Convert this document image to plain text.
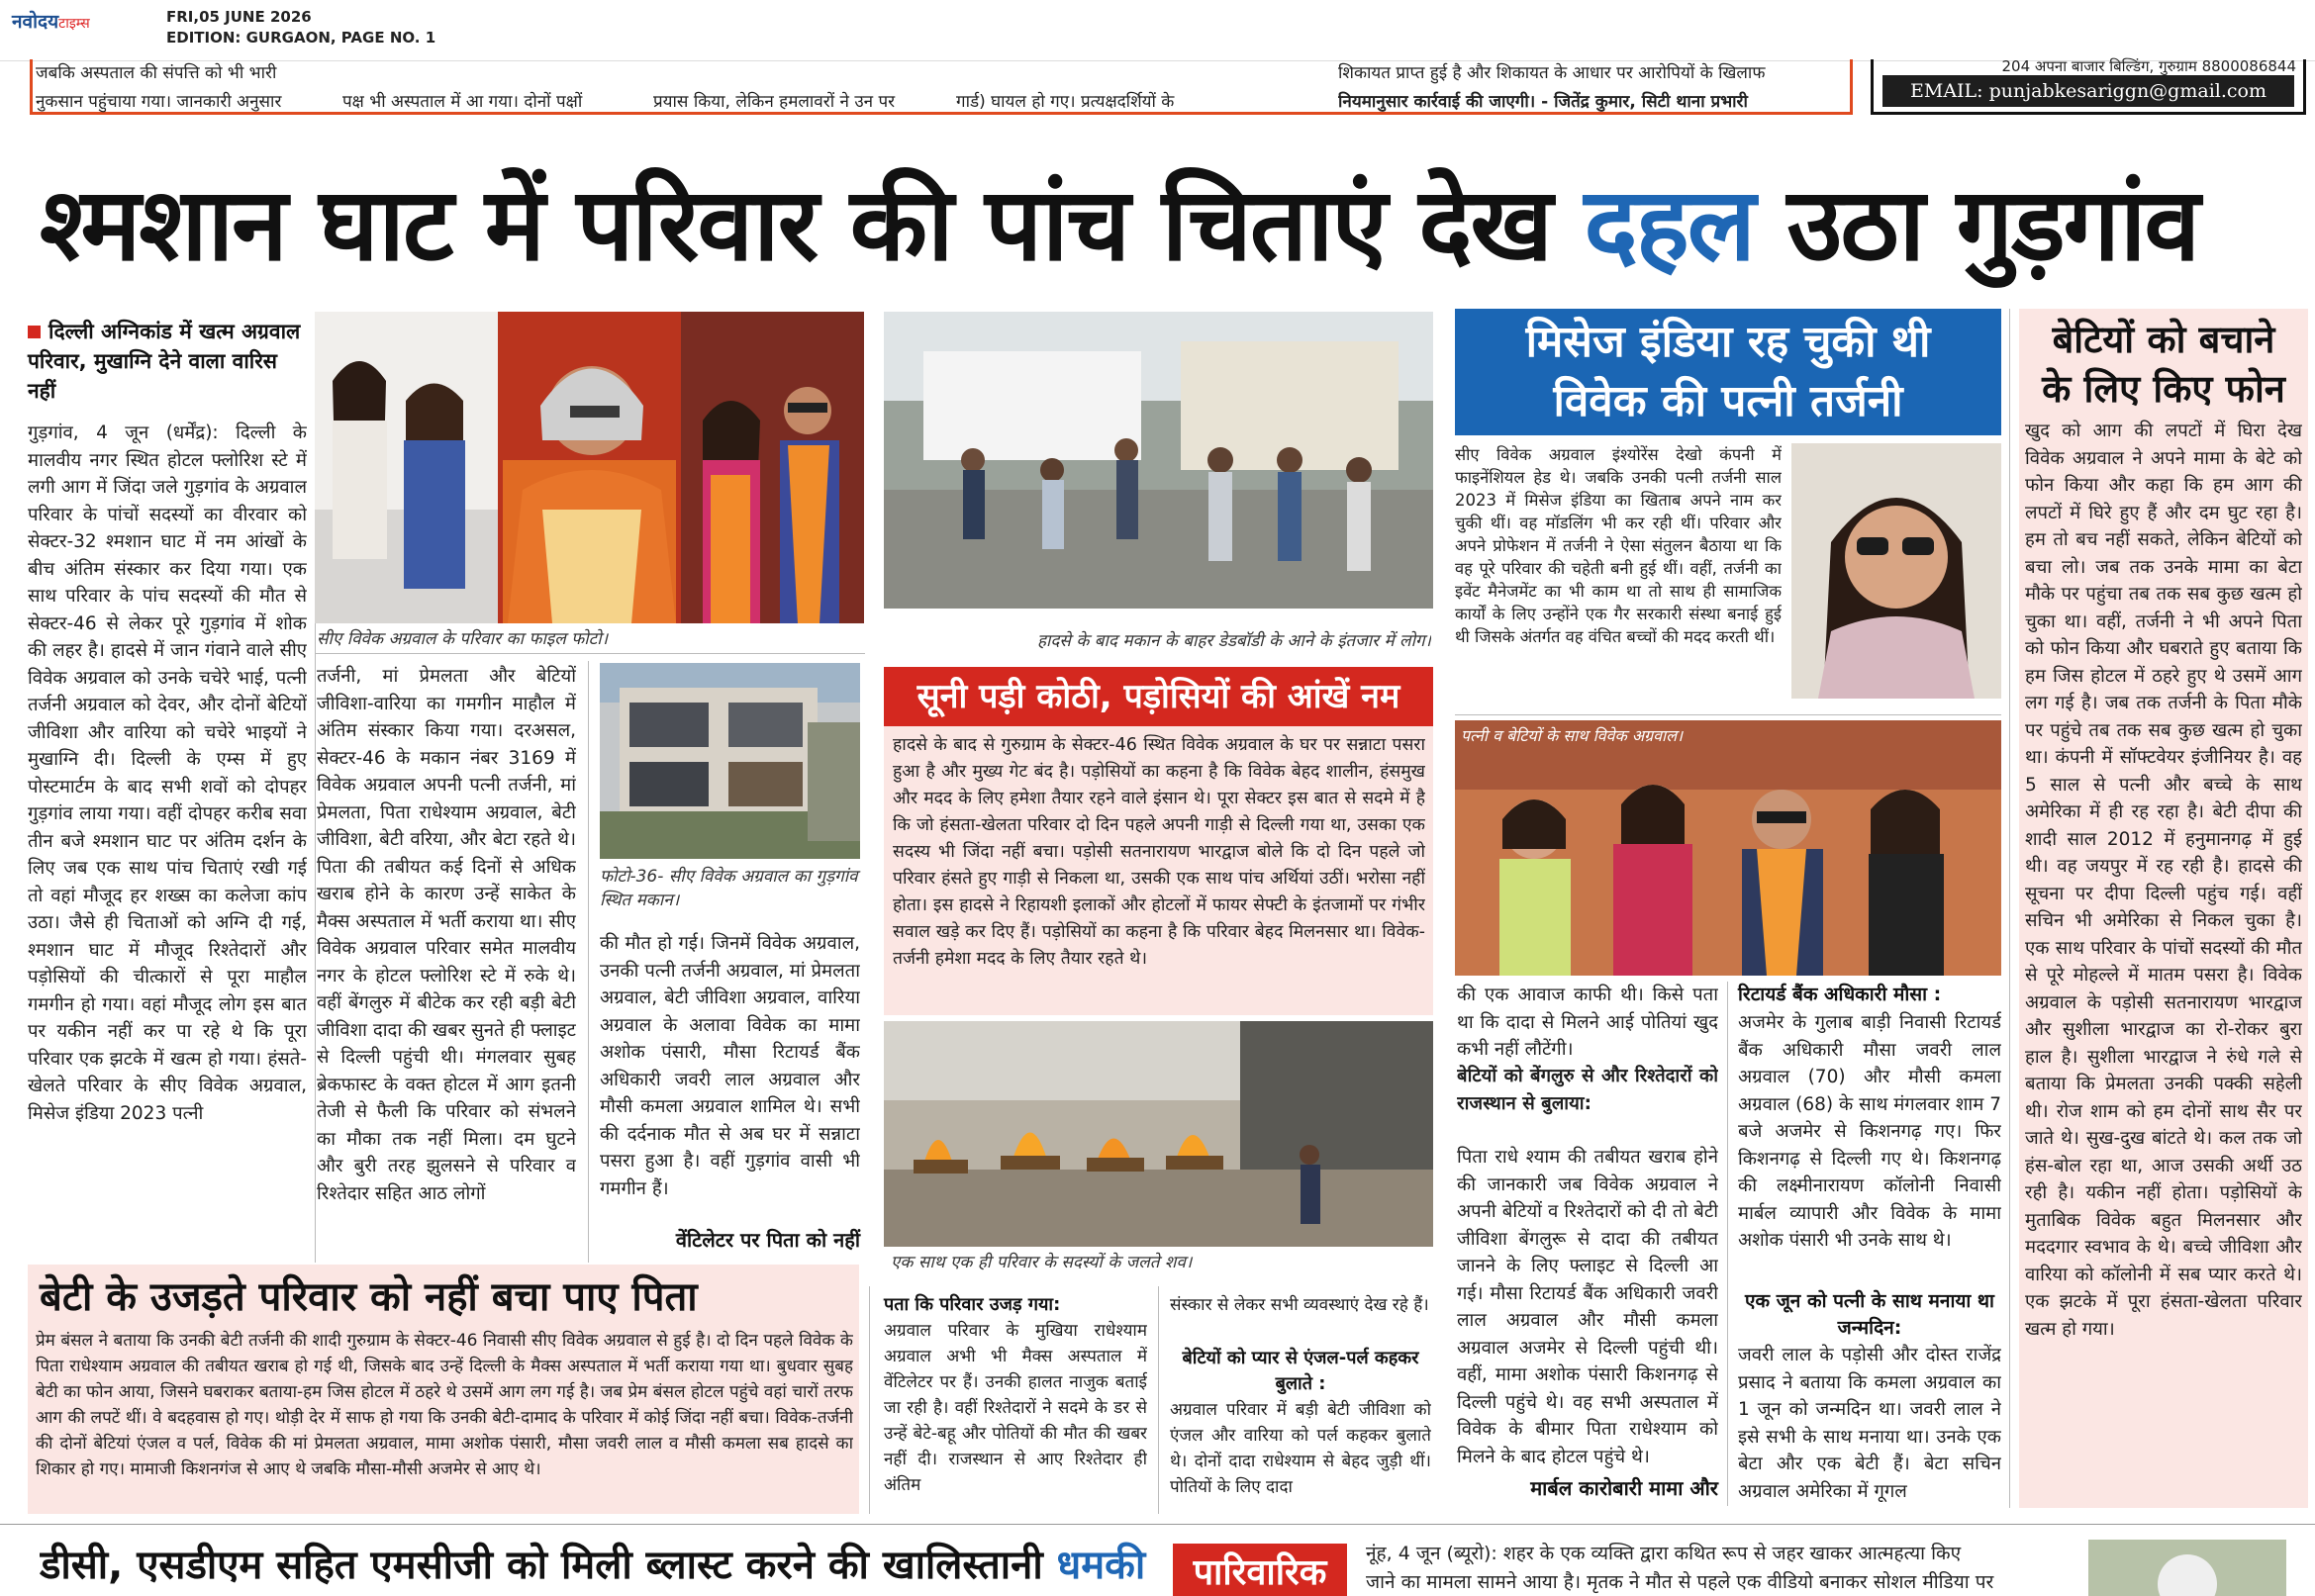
नवोदयटाइम्स	FRI,05 JUNE 2026
EDITION: GURGAON, PAGE NO. 1
जबकि अस्पताल की संपत्ति को भी भारी
नुकसान पहुंचाया गया। जानकारी अनुसार	पक्ष भी अस्पताल में आ गया। दोनों पक्षों	प्रयास किया, लेकिन हमलावरों ने उन पर	गार्ड) घायल हो गए। प्रत्यक्षदर्शियों के
शिकायत प्राप्त हुई है और शिकायत के आधार पर आरोपियों के खिलाफ
नियमानुसार कार्रवाई की जाएगी। - जितेंद्र कुमार, सिटी थाना प्रभारी
204 अपना बाजार बिल्डिंग, गुरुग्राम 8800086844
EMAIL: punjabkesariggn@gmail.com
श्मशान घाट में परिवार की पांच चिताएं देख दहल उठा गुड़गांव
दिल्ली अग्निकांड में खत्म अग्रवाल परिवार, मुखाग्नि देने वाला वारिस नहीं
गुड़गांव, 4 जून (धर्मेंद्र): दिल्ली के मालवीय नगर स्थित होटल फ्लोरिश स्टे में लगी आग में जिंदा जले गुड़गांव के अग्रवाल परिवार के पांचों सदस्यों का वीरवार को सेक्टर-32 श्मशान घाट में नम आंखों के बीच अंतिम संस्कार कर दिया गया। एक साथ परिवार के पांच सदस्यों की मौत से सेक्टर-46 से लेकर पूरे गुड़गांव में शोक की लहर है। हादसे में जान गंवाने वाले सीए विवेक अग्रवाल को उनके चचेरे भाई, पत्नी तर्जनी अग्रवाल को देवर, और दोनों बेटियों जीविशा और वारिया को चचेरे भाइयों ने मुखाग्नि दी। दिल्ली के एम्स में हुए पोस्टमार्टम के बाद सभी शवों को दोपहर गुड़गांव लाया गया। वहीं दोपहर करीब सवा तीन बजे श्मशान घाट पर अंतिम दर्शन के लिए जब एक साथ पांच चिताएं रखी गई तो वहां मौजूद हर शख्स का कलेजा कांप उठा। जैसे ही चिताओं को अग्नि दी गई, श्मशान घाट में मौजूद रिश्तेदारों और पड़ोसियों की चीत्कारों से पूरा माहौल गमगीन हो गया। वहां मौजूद लोग इस बात पर यकीन नहीं कर पा रहे थे कि पूरा परिवार एक झटके में खत्म हो गया। हंसते-खेलते परिवार के सीए विवेक अग्रवाल, मिसेज इंडिया 2023 पत्नी
सीए विवेक अग्रवाल के परिवार का फाइल फोटो।
तर्जनी, मां प्रेमलता और बेटियों जीविशा-वारिया का गमगीन माहौल में अंतिम संस्कार किया गया। दरअसल, सेक्टर-46 के मकान नंबर 3169 में विवेक अग्रवाल अपनी पत्नी तर्जनी, मां प्रेमलता, पिता राधेश्याम अग्रवाल, बेटी जीविशा, बेटी वरिया, और बेटा रहते थे। पिता की तबीयत कई दिनों से अधिक खराब होने के कारण उन्हें साकेत के मैक्स अस्पताल में भर्ती कराया था। सीए विवेक अग्रवाल परिवार समेत मालवीय नगर के होटल फ्लोरिश स्टे में रुके थे। वहीं बेंगलुरु में बीटेक कर रही बड़ी बेटी जीविशा दादा की खबर सुनते ही फ्लाइट से दिल्ली पहुंची थी। मंगलवार सुबह ब्रेकफास्ट के वक्त होटल में आग इतनी तेजी से फैली कि परिवार को संभलने का मौका तक नहीं मिला। दम घुटने और बुरी तरह झुलसने से परिवार व रिश्तेदार सहित आठ लोगों
फोटो-36- सीए विवेक अग्रवाल का गुड़गांव स्थित मकान।
की मौत हो गई। जिनमें विवेक अग्रवाल, उनकी पत्नी तर्जनी अग्रवाल, मां प्रेमलता अग्रवाल, बेटी जीविशा अग्रवाल, वारिया अग्रवाल के अलावा विवेक का मामा अशोक पंसारी, मौसा रिटायर्ड बैंक अधिकारी जवरी लाल अग्रवाल और मौसी कमला अग्रवाल शामिल थे। सभी की दर्दनाक मौत से अब घर में सन्नाटा पसरा हुआ है। वहीं गुड़गांव वासी भी गमगीन हैं।
वेंटिलेटर पर पिता को नहीं
हादसे के बाद मकान के बाहर डेडबॉडी के आने के इंतजार में लोग।
सूनी पड़ी कोठी, पड़ोसियों की आंखें नम
हादसे के बाद से गुरुग्राम के सेक्टर-46 स्थित विवेक अग्रवाल के घर पर सन्नाटा पसरा हुआ है और मुख्य गेट बंद है। पड़ोसियों का कहना है कि विवेक बेहद शालीन, हंसमुख और मदद के लिए हमेशा तैयार रहने वाले इंसान थे। पूरा सेक्टर इस बात से सदमे में है कि जो हंसता-खेलता परिवार दो दिन पहले अपनी गाड़ी से दिल्ली गया था, उसका एक सदस्य भी जिंदा नहीं बचा। पड़ोसी सतनारायण भारद्वाज बोले कि दो दिन पहले जो परिवार हंसते हुए गाड़ी से निकला था, उसकी एक साथ पांच अर्थियां उठीं। भरोसा नहीं होता। इस हादसे ने रिहायशी इलाकों और होटलों में फायर सेफ्टी के इंतजामों पर गंभीर सवाल खड़े कर दिए हैं। पड़ोसियों का कहना है कि परिवार बेहद मिलनसार था। विवेक-तर्जनी हमेशा मदद के लिए तैयार रहते थे।
एक साथ एक ही परिवार के सदस्यों के जलते शव।
मिसेज इंडिया रह चुकी थी
विवेक की पत्नी तर्जनी
सीए विवेक अग्रवाल इंश्योरेंस देखो कंपनी में फाइनेंशियल हेड थे। जबकि उनकी पत्नी तर्जनी साल 2023 में मिसेज इंडिया का खिताब अपने नाम कर चुकी थीं। वह मॉडलिंग भी कर रही थीं। परिवार और अपने प्रोफेशन में तर्जनी ने ऐसा संतुलन बैठाया था कि वह पूरे परिवार की चहेती बनी हुई थीं। वहीं, तर्जनी का इवेंट मैनेजमेंट का भी काम था तो साथ ही सामाजिक कार्यों के लिए उन्होंने एक गैर सरकारी संस्था बनाई हुई थी जिसके अंतर्गत वह वंचित बच्चों की मदद करती थीं।
पत्नी व बेटियों के साथ विवेक अग्रवाल।
की एक आवाज काफी थी। किसे पता था कि दादा से मिलने आई पोतियां खुद कभी नहीं लौटेंगी।
बेटियों को बेंगलुरु से और रिश्तेदारों को राजस्थान से बुलाया:
पिता राधे श्याम की तबीयत खराब होने की जानकारी जब विवेक अग्रवाल ने अपनी बेटियों व रिश्तेदारों को दी तो बेटी जीविशा बेंगलुरू से दादा की तबीयत जानने के लिए फ्लाइट से दिल्ली आ गई। मौसा रिटायर्ड बैंक अधिकारी जवरी लाल अग्रवाल और मौसी कमला अग्रवाल अजमेर से दिल्ली पहुंची थी। वहीं, मामा अशोक पंसारी किशनगढ़ से दिल्ली पहुंचे थे। वह सभी अस्पताल में विवेक के बीमार पिता राधेश्याम को मिलने के बाद होटल पहुंचे थे।
मार्बल कारोबारी मामा और
रिटायर्ड बैंक अधिकारी मौसा :
अजमेर के गुलाब बाड़ी निवासी रिटायर्ड बैंक अधिकारी मौसा जवरी लाल अग्रवाल (70) और मौसी कमला अग्रवाल (68) के साथ मंगलवार शाम 7 बजे अजमेर से किशनगढ़ गए। फिर किशनगढ़ से दिल्ली गए थे। किशनगढ़ की लक्ष्मीनारायण कॉलोनी निवासी मार्बल व्यापारी और विवेक के मामा अशोक पंसारी भी उनके साथ थे।
एक जून को पत्नी के साथ मनाया था जन्मदिन:
जवरी लाल के पड़ोसी और दोस्त राजेंद्र प्रसाद ने बताया कि कमला अग्रवाल का 1 जून को जन्मदिन था। जवरी लाल ने इसे सभी के साथ मनाया था। उनके एक बेटा और एक बेटी हैं। बेटा सचिन अग्रवाल अमेरिका में गूगल
बेटियों को बचाने
के लिए किए फोन
खुद को आग की लपटों में घिरा देख विवेक अग्रवाल ने अपने मामा के बेटे को फोन किया और कहा कि हम आग की लपटों में घिरे हुए हैं और दम घुट रहा है। हम तो बच नहीं सकते, लेकिन बेटियों को बचा लो। जब तक उनके मामा का बेटा मौके पर पहुंचा तब तक सब कुछ खत्म हो चुका था। वहीं, तर्जनी ने भी अपने पिता को फोन किया और घबराते हुए बताया कि हम जिस होटल में ठहरे हुए थे उसमें आग लग गई है। जब तक तर्जनी के पिता मौके पर पहुंचे तब तक सब कुछ खत्म हो चुका था। कंपनी में सॉफ्टवेयर इंजीनियर है। वह 5 साल से पत्नी और बच्चे के साथ अमेरिका में ही रह रहा है। बेटी दीपा की शादी साल 2012 में हनुमानगढ़ में हुई थी। वह जयपुर में रह रही है। हादसे की सूचना पर दीपा दिल्ली पहुंच गई। वहीं सचिन भी अमेरिका से निकल चुका है। एक साथ परिवार के पांचों सदस्यों की मौत से पूरे मोहल्ले में मातम पसरा है। विवेक अग्रवाल के पड़ोसी सतनारायण भारद्वाज और सुशीला भारद्वाज का रो-रोकर बुरा हाल है। सुशीला भारद्वाज ने रुंधे गले से बताया कि प्रेमलता उनकी पक्की सहेली थी। रोज शाम को हम दोनों साथ सैर पर जाते थे। सुख-दुख बांटते थे। कल तक जो हंस-बोल रहा था, आज उसकी अर्थी उठ रही है। यकीन नहीं होता। पड़ोसियों के मुताबिक विवेक बहुत मिलनसार और मददगार स्वभाव के थे। बच्चे जीविशा और वारिया को कॉलोनी में सब प्यार करते थे। एक झटके में पूरा हंसता-खेलता परिवार खत्म हो गया।
बेटी के उजड़ते परिवार को नहीं बचा पाए पिता
प्रेम बंसल ने बताया कि उनकी बेटी तर्जनी की शादी गुरुग्राम के सेक्टर-46 निवासी सीए विवेक अग्रवाल से हुई है। दो दिन पहले विवेक के पिता राधेश्याम अग्रवाल की तबीयत खराब हो गई थी, जिसके बाद उन्हें दिल्ली के मैक्स अस्पताल में भर्ती कराया गया था। बुधवार सुबह बेटी का फोन आया, जिसने घबराकर बताया-हम जिस होटल में ठहरे थे उसमें आग लग गई है। जब प्रेम बंसल होटल पहुंचे वहां चारों तरफ आग की लपटें थीं। वे बदहवास हो गए। थोड़ी देर में साफ हो गया कि उनकी बेटी-दामाद के परिवार में कोई जिंदा नहीं बचा। विवेक-तर्जनी की दोनों बेटियां एंजल व पर्ल, विवेक की मां प्रेमलता अग्रवाल, मामा अशोक पंसारी, मौसा जवरी लाल व मौसी कमला सब हादसे का शिकार हो गए। मामाजी किशनगंज से आए थे जबकि मौसा-मौसी अजमेर से आए थे।
पता कि परिवार उजड़ गया:
अग्रवाल परिवार के मुखिया राधेश्याम अग्रवाल अभी भी मैक्स अस्पताल में वेंटिलेटर पर हैं। उनकी हालत नाजुक बताई जा रही है। वहीं रिश्तेदारों ने सदमे के डर से उन्हें बेटे-बहू और पोतियों की मौत की खबर नहीं दी। राजस्थान से आए रिश्तेदार ही अंतिम
संस्कार से लेकर सभी व्यवस्थाएं देख रहे हैं।
बेटियों को प्यार से एंजल-पर्ल कहकर बुलाते :
अग्रवाल परिवार में बड़ी बेटी जीविशा को एंजल और वारिया को पर्ल कहकर बुलाते थे। दोनों दादा राधेश्याम से बेहद जुड़ी थीं। पोतियों के लिए दादा
डीसी, एसडीएम सहित एमसीजी को मिली ब्लास्ट करने की खालिस्तानी धमकी	पारिवारिक	नूंह, 4 जून (ब्यूरो): शहर के एक व्यक्ति द्वारा कथित रूप से जहर खाकर आत्महत्या किए
जाने का मामला सामने आया है। मृतक ने मौत से पहले एक वीडियो बनाकर सोशल मीडिया पर
